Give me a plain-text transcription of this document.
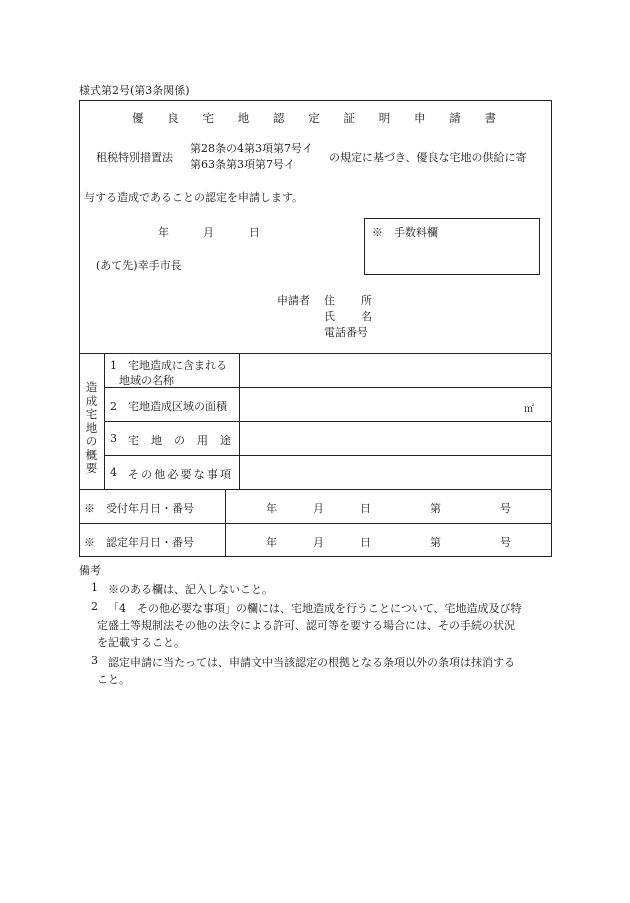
様式第2号(第3条関係)
優 良 宅 地 認 定 証 明 申 請 書
租税特別措置法
第28条の4第3項第7号イ
第63条第3項第7号イ
の規定に基づき、優良な宅地の供給に寄
与する造成であることの認定を申請します。
年	月	日	※　手数料欄
(あて先)幸手市長
申請者 住 所
氏 名
電話番号
造
成
宅
地
の
概
要
1　宅地造成に含まれる
地域の名称
2　宅地造成区域の面積	㎡
3 宅 地 の 用 途
4 そ の 他 必 要 な 事 項
※　受付年月日・番号	年	月	日	第	号
※　認定年月日・番号	年	月	日	第	号
備考
1 ※のある欄は、記入しないこと。
2 「4　その他必要な事項」の欄には、宅地造成を行うことについて、宅地造成及び特
定盛土等規制法その他の法令による許可、認可等を要する場合には、その手続の状況
を記載すること。
3 認定申請に当たっては、申請文中当該認定の根拠となる条項以外の条項は抹消する
こと。
